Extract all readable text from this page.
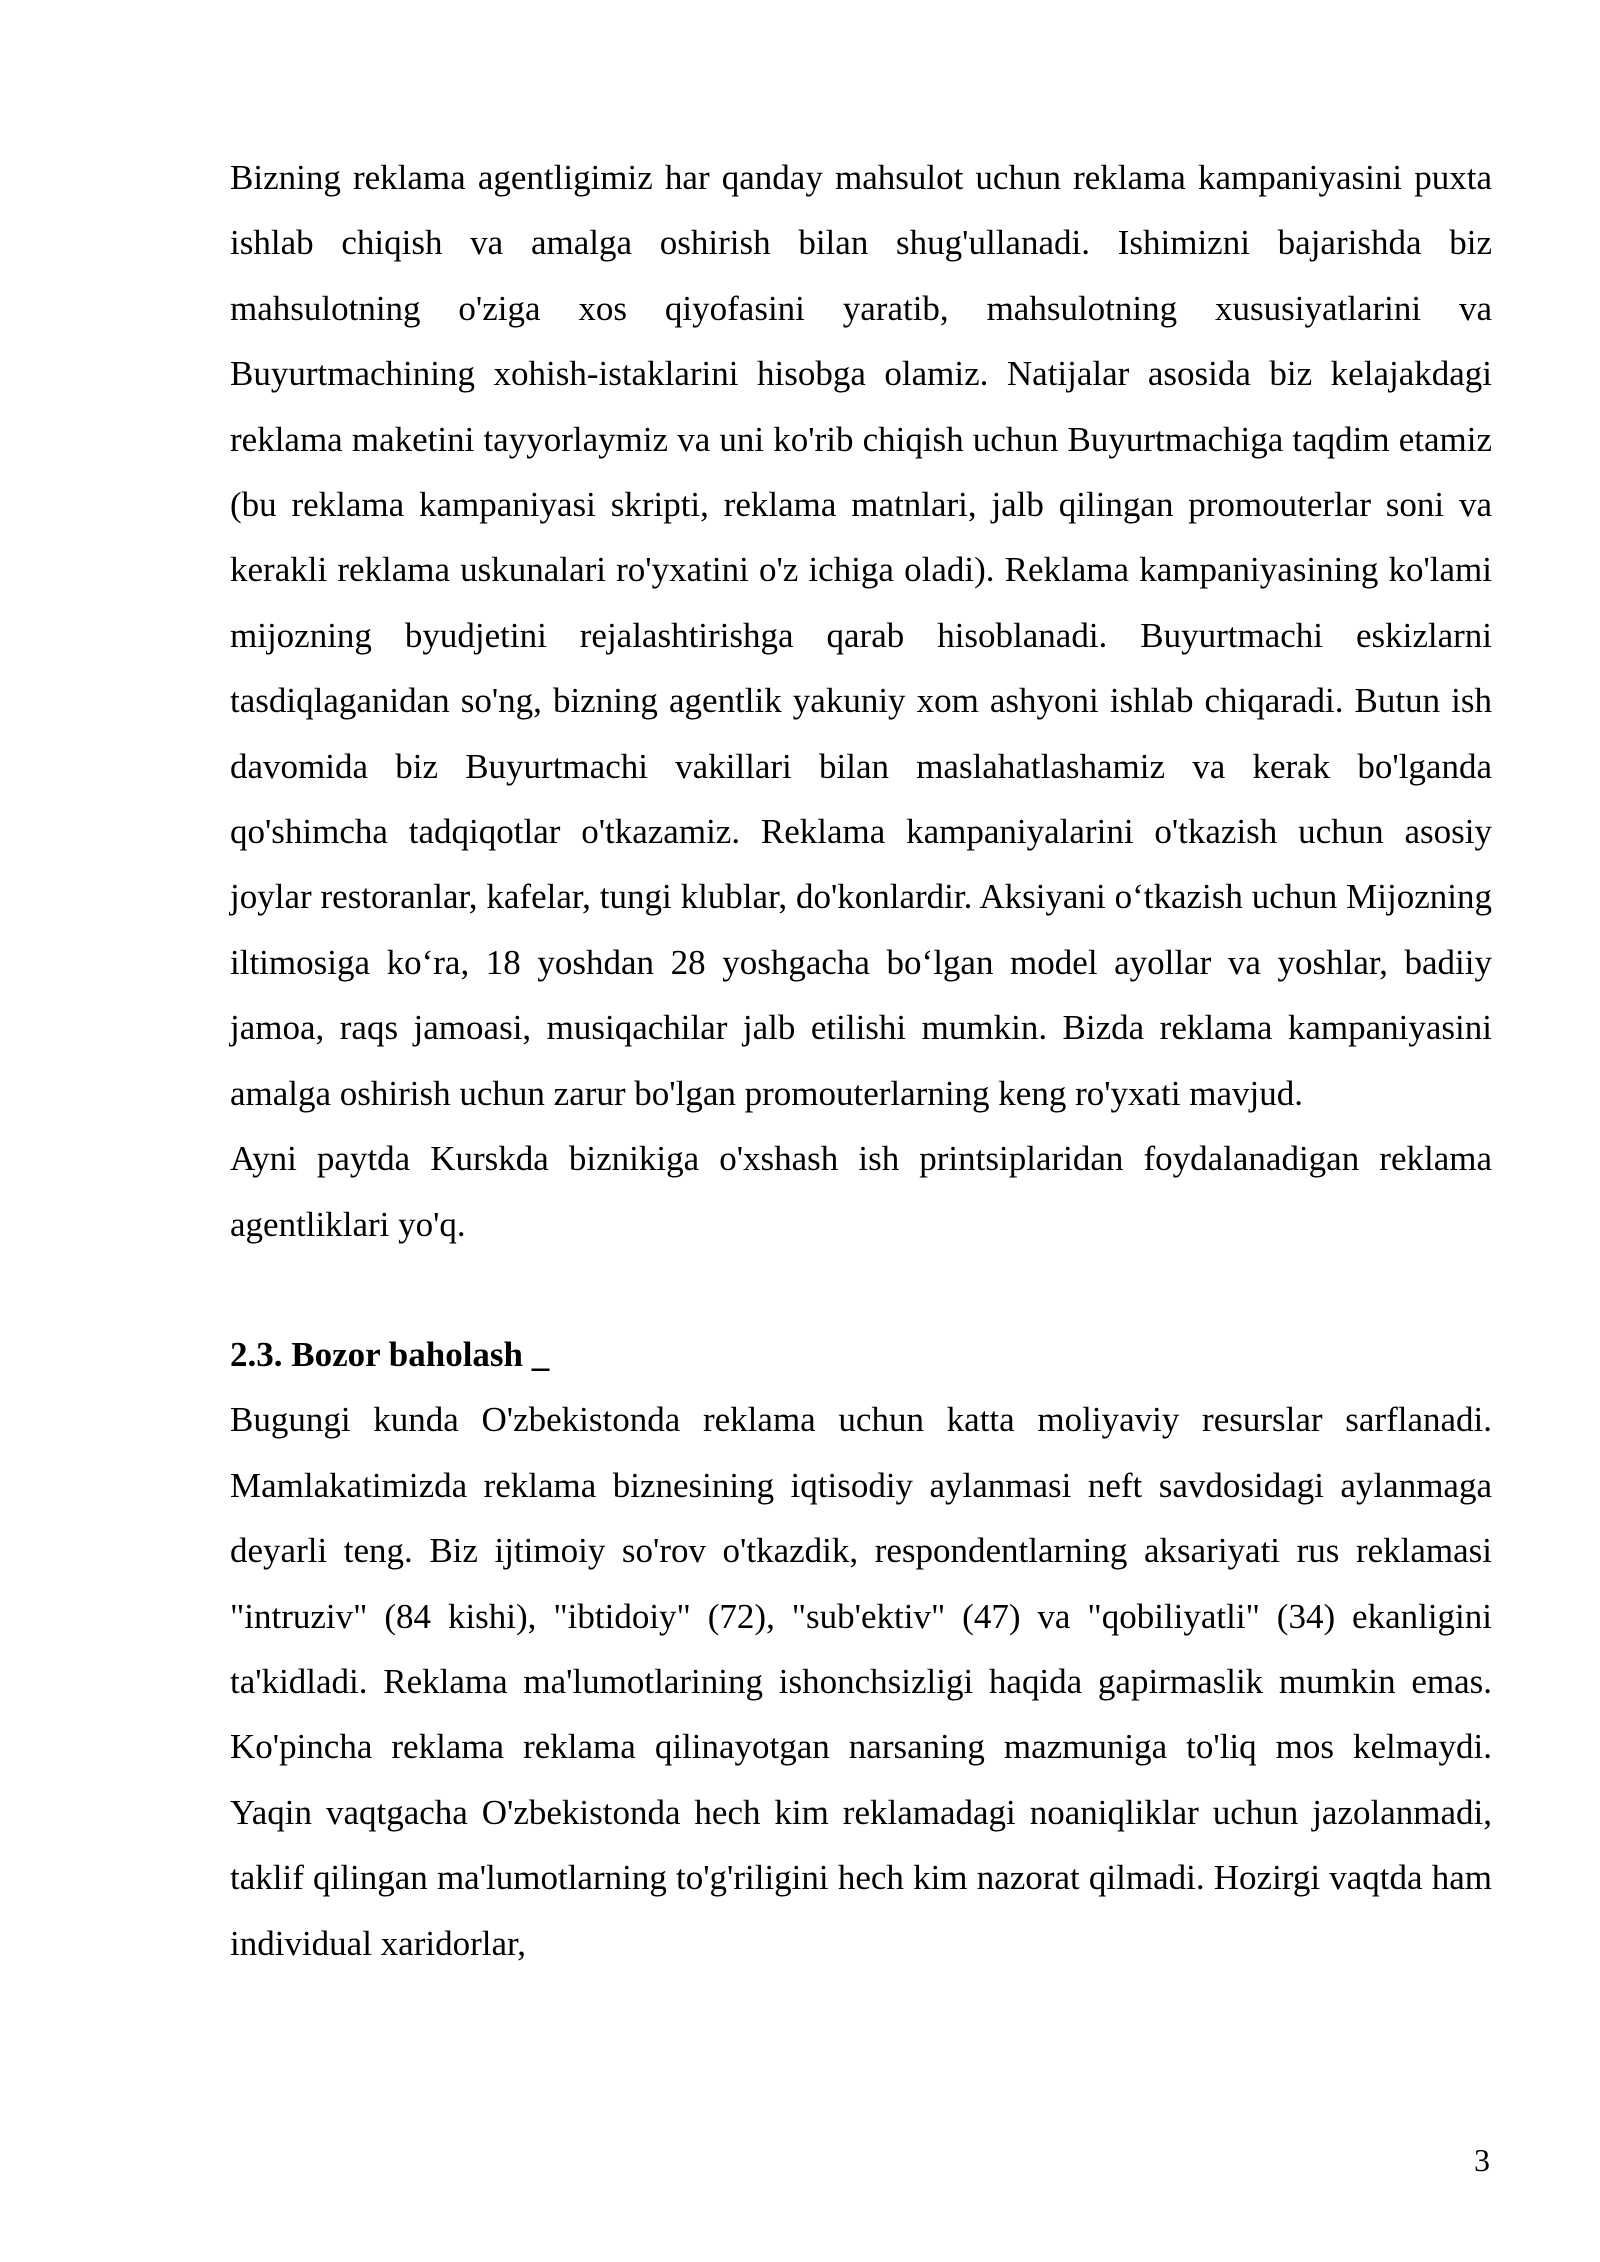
Bizning reklama agentligimiz har qanday mahsulot uchun reklama kampaniyasini puxta ishlab chiqish va amalga oshirish bilan shug'ullanadi. Ishimizni bajarishda biz mahsulotning o'ziga xos qiyofasini yaratib, mahsulotning xususiyatlarini va Buyurtmachining xohish-istaklarini hisobga olamiz. Natijalar asosida biz kelajakdagi reklama maketini tayyorlaymiz va uni ko'rib chiqish uchun Buyurtmachiga taqdim etamiz (bu reklama kampaniyasi skripti, reklama matnlari, jalb qilingan promouterlar soni va kerakli reklama uskunalari ro'yxatini o'z ichiga oladi). Reklama kampaniyasining ko'lami mijozning byudjetini rejalashtirishga qarab hisoblanadi. Buyurtmachi eskizlarni tasdiqlaganidan so'ng, bizning agentlik yakuniy xom ashyoni ishlab chiqaradi. Butun ish davomida biz Buyurtmachi vakillari bilan maslahatlashamiz va kerak bo'lganda qo'shimcha tadqiqotlar o'tkazamiz. Reklama kampaniyalarini o'tkazish uchun asosiy joylar restoranlar, kafelar, tungi klublar, do'konlardir. Aksiyani o‘tkazish uchun Mijozning iltimosiga ko‘ra, 18 yoshdan 28 yoshgacha bo‘lgan model ayollar va yoshlar, badiiy jamoa, raqs jamoasi, musiqachilar jalb etilishi mumkin. Bizda reklama kampaniyasini amalga oshirish uchun zarur bo'lgan promouterlarning keng ro'yxati mavjud.

Ayni paytda Kurskda biznikiga o'xshash ish printsiplaridan foydalanadigan reklama agentliklari yo'q.

2.3. Bozor baholash _

Bugungi kunda O'zbekistonda reklama uchun katta moliyaviy resurslar sarflanadi. Mamlakatimizda reklama biznesining iqtisodiy aylanmasi neft savdosidagi aylanmaga deyarli teng. Biz ijtimoiy so'rov o'tkazdik, respondentlarning aksariyati rus reklamasi "intruziv" (84 kishi), "ibtidoiy" (72), "sub'ektiv" (47) va "qobiliyatli" (34) ekanligini ta'kidladi. Reklama ma'lumotlarining ishonchsizligi haqida gapirmaslik mumkin emas. Ko'pincha reklama reklama qilinayotgan narsaning mazmuniga to'liq mos kelmaydi. Yaqin vaqtgacha O'zbekistonda hech kim reklamadagi noaniqliklar uchun jazolanmadi, taklif qilingan ma'lumotlarning to'g'riligini hech kim nazorat qilmadi. Hozirgi vaqtda ham individual xaridorlar,

3
